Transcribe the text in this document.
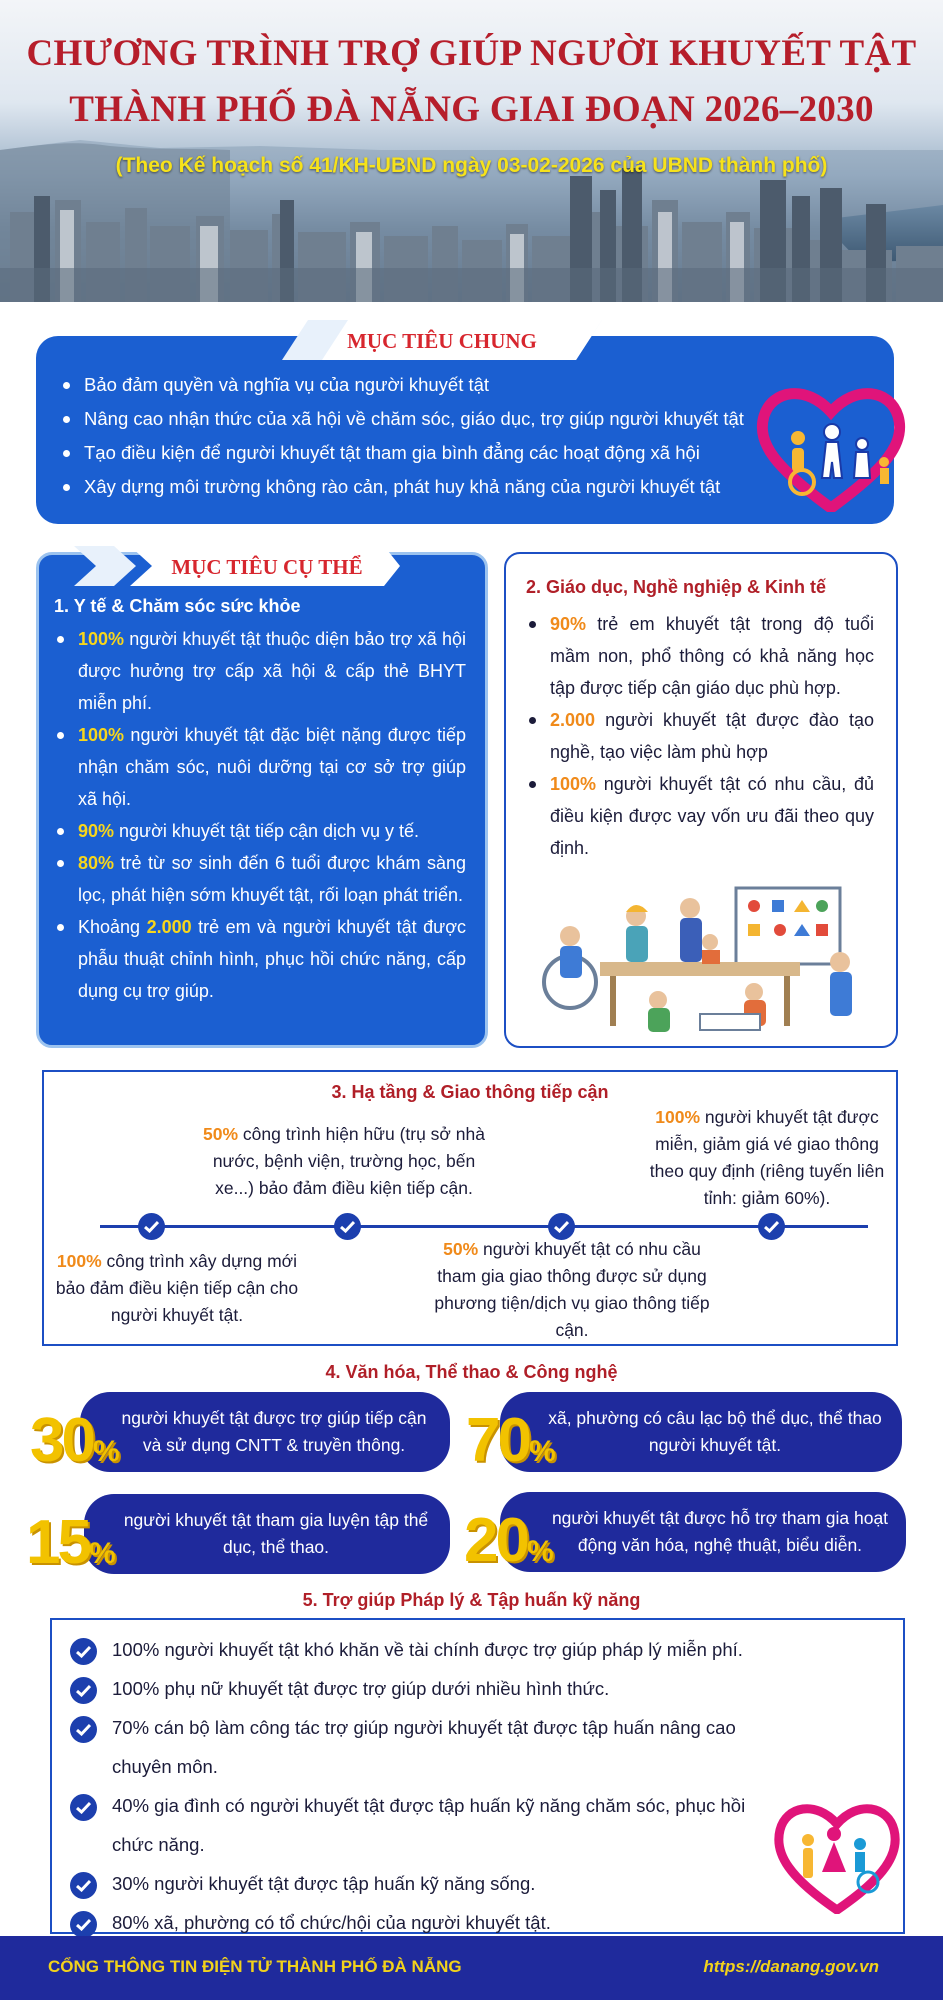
CHƯƠNG TRÌNH TRỢ GIÚP NGƯỜI KHUYẾT TẬT
THÀNH PHỐ ĐÀ NẴNG GIAI ĐOẠN 2026–2030
(Theo Kế hoạch số 41/KH-UBND ngày 03-02-2026 của UBND thành phố)
MỤC TIÊU CHUNG
Bảo đảm quyền và nghĩa vụ của người khuyết tật
Nâng cao nhận thức của xã hội về chăm sóc, giáo dục, trợ giúp người khuyết tật
Tạo điều kiện để người khuyết tật tham gia bình đẳng các hoạt động xã hội
Xây dựng môi trường không rào cản, phát huy khả năng của người khuyết tật
MỤC TIÊU CỤ THỂ
1. Y tế & Chăm sóc sức khỏe
100% người khuyết tật thuộc diện bảo trợ xã hội được hưởng trợ cấp xã hội & cấp thẻ BHYT miễn phí.
100% người khuyết tật đặc biệt nặng được tiếp nhận chăm sóc, nuôi dưỡng tại cơ sở trợ giúp xã hội.
90% người khuyết tật tiếp cận dịch vụ y tế.
80% trẻ từ sơ sinh đến 6 tuổi được khám sàng lọc, phát hiện sớm khuyết tật, rối loạn phát triển.
Khoảng 2.000 trẻ em và người khuyết tật được phẫu thuật chỉnh hình, phục hồi chức năng, cấp dụng cụ trợ giúp.
2. Giáo dục, Nghề nghiệp & Kinh tế
90% trẻ em khuyết tật trong độ tuổi mầm non, phổ thông có khả năng học tập được tiếp cận giáo dục phù hợp.
2.000 người khuyết tật được đào tạo nghề, tạo việc làm phù hợp
100% người khuyết tật có nhu cầu, đủ điều kiện được vay vốn ưu đãi theo quy định.
3. Hạ tầng & Giao thông tiếp cận
100% công trình xây dựng mới bảo đảm điều kiện tiếp cận cho người khuyết tật.
50% công trình hiện hữu (trụ sở nhà nước, bệnh viện, trường học, bến xe...) bảo đảm điều kiện tiếp cận.
50% người khuyết tật có nhu cầu tham gia giao thông được sử dụng phương tiện/dịch vụ giao thông tiếp cận.
100% người khuyết tật được miễn, giảm giá vé giao thông theo quy định (riêng tuyến liên tỉnh: giảm 60%).
4. Văn hóa, Thể thao & Công nghệ
người khuyết tật được trợ giúp tiếp cận và sử dụng CNTT & truyền thông.
30%
xã, phường có câu lạc bộ thể dục, thể thao người khuyết tật.
70%
người khuyết tật tham gia luyện tập thể dục, thể thao.
15%
người khuyết tật được hỗ trợ tham gia hoạt động văn hóa, nghệ thuật, biểu diễn.
20%
5. Trợ giúp Pháp lý & Tập huấn kỹ năng
100% người khuyết tật khó khăn về tài chính được trợ giúp pháp lý miễn phí.
100% phụ nữ khuyết tật được trợ giúp dưới nhiều hình thức.
70% cán bộ làm công tác trợ giúp người khuyết tật được tập huấn nâng cao chuyên môn.
40% gia đình có người khuyết tật được tập huấn kỹ năng chăm sóc, phục hồi chức năng.
30% người khuyết tật được tập huấn kỹ năng sống.
80% xã, phường có tổ chức/hội của người khuyết tật.
CỔNG THÔNG TIN ĐIỆN TỬ THÀNH PHỐ ĐÀ NẴNG	https://danang.gov.vn
